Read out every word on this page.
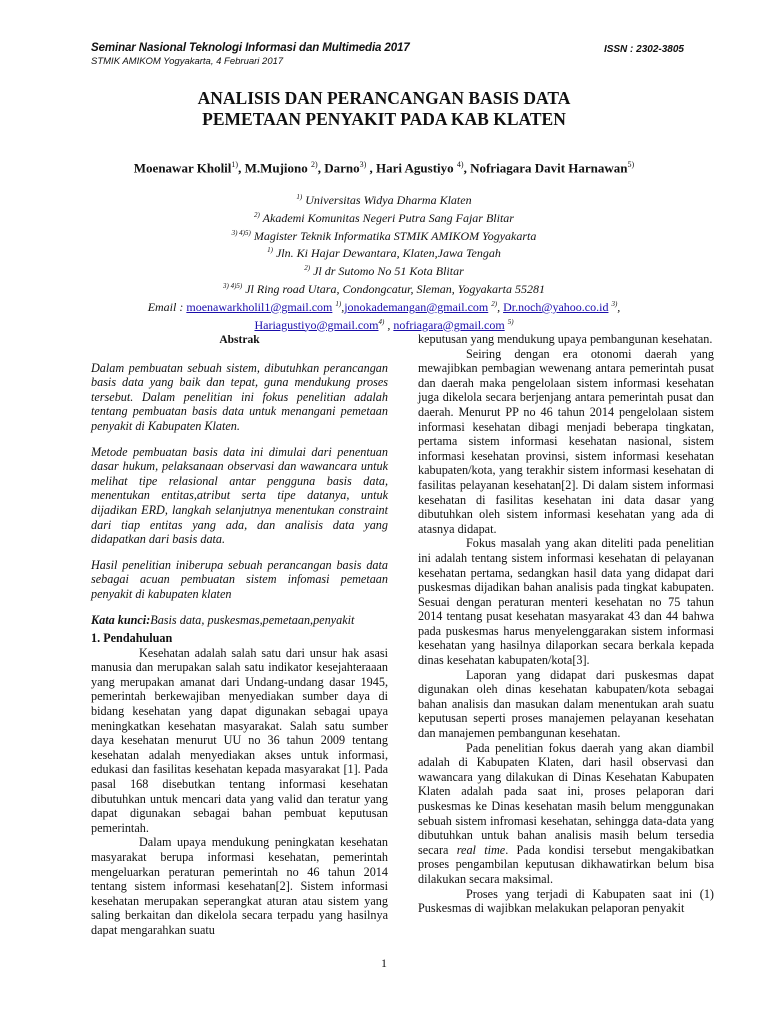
Seminar Nasional Teknologi Informasi dan Multimedia 2017
STMIK AMIKOM Yogyakarta, 4 Februari 2017
ISSN : 2302-3805
ANALISIS DAN PERANCANGAN BASIS DATA
PEMETAAN PENYAKIT PADA KAB KLATEN
Moenawar Kholil$^{1)}$, M.Mujiono $^{2)}$, Darno$^{3)}$ , Hari Agustiyo $^{4)}$, Nofriagara Davit Harnawan$^{5)}$
$^{1)}$ Universitas Widya Dharma Klaten
$^{2)}$ Akademi Komunitas Negeri Putra Sang Fajar Blitar
$^{3) 4)5)}$ Magister Teknik Informatika STMIK AMIKOM Yogyakarta
$^{1)}$ Jln. Ki Hajar Dewantara, Klaten,Jawa Tengah
$^{2)}$ Jl dr Sutomo No 51 Kota Blitar
$^{3) 4)5)}$ Jl Ring road Utara, Condongcatur, Sleman, Yogyakarta 55281
Email : moenawarkholil1@gmail.com $^{1)}$,jonokademangan@gmail.com $^{2)}$, Dr.noch@yahoo.co.id $^{3)}$,
Hariagustiyo@gmail.com$^{4)}$ , nofriagara@gmail.com $^{5)}$

Abstrak

Dalam pembuatan sebuah sistem, dibutuhkan perancangan basis data yang baik dan tepat, guna mendukung proses tersebut. Dalam penelitian ini fokus penelitian adalah tentang pembuatan basis data untuk menangani pemetaan penyakit di Kabupaten Klaten.

Metode pembuatan basis data ini dimulai dari penentuan dasar hukum, pelaksanaan observasi dan wawancara untuk melihat tipe relasional antar pengguna basis data, menentukan entitas,atribut serta tipe datanya, untuk dijadikan ERD, langkah selanjutnya menentukan constraint dari tiap entitas yang ada, dan analisis data yang didapatkan dari basis data.

Hasil penelitian iniberupa sebuah perancangan basis data sebagai acuan pembuatan sistem infomasi pemetaan penyakit di kabupaten klaten

Kata kunci:Basis data, puskesmas,pemetaan,penyakit

1. Pendahuluan

Kesehatan adalah salah satu dari unsur hak asasi manusia dan merupakan salah satu indikator kesejahteraaan yang merupakan amanat dari Undang-undang dasar 1945, pemerintah berkewajiban menyediakan sumber daya di bidang kesehatan yang dapat digunakan sebagai upaya meningkatkan kesehatan masyarakat. Salah satu sumber daya kesehatan menurut UU no 36 tahun 2009 tentang kesehatan adalah menyediakan akses untuk informasi, edukasi dan fasilitas kesehatan kepada masyarakat [1]. Pada pasal 168 disebutkan tentang informasi kesehatan dibutuhkan untuk mencari data yang valid dan teratur yang dapat digunakan sebagai bahan pembuat keputusan pemerintah.

Dalam upaya mendukung peningkatan kesehatan masyarakat berupa informasi kesehatan, pemerintah mengeluarkan peraturan pemerintah no 46 tahun 2014 tentang sistem informasi kesehatan[2]. Sistem informasi kesehatan merupakan seperangkat aturan atau sistem yang saling berkaitan dan dikelola secara terpadu yang hasilnya dapat mengarahkan suatu

keputusan yang mendukung upaya pembangunan kesehatan.

Seiring dengan era otonomi daerah yang mewajibkan pembagian wewenang antara pemerintah pusat dan daerah maka pengelolaan sistem informasi kesehatan juga dikelola secara berjenjang antara pemerintah pusat dan daerah. Menurut PP no 46 tahun 2014 pengelolaan sistem informasi kesehatan dibagi menjadi beberapa tingkatan, pertama sistem informasi kesehatan nasional, sistem informasi kesehatan provinsi, sistem informasi kesehatan kabupaten/kota, yang terakhir sistem informasi kesehatan di fasilitas pelayanan kesehatan[2]. Di dalam sistem informasi kesehatan di fasilitas kesehatan ini data dasar yang dibutuhkan oleh sistem informasi kesehatan yang ada di atasnya didapat.

Fokus masalah yang akan diteliti pada penelitian ini adalah tentang sistem informasi kesehatan di pelayanan kesehatan pertama, sedangkan hasil data yang didapat dari puskesmas dijadikan bahan analisis pada tingkat kabupaten. Sesuai dengan peraturan menteri kesehatan no 75 tahun 2014 tentang pusat kesehatan masyarakat 43 dan 44 bahwa pada puskesmas harus menyelenggarakan sistem informasi kesehatan yang hasilnya dilaporkan secara berkala kepada dinas kesehatan kabupaten/kota[3].

Laporan yang didapat dari puskesmas dapat digunakan oleh dinas kesehatan kabupaten/kota sebagai bahan analisis dan masukan dalam menentukan arah suatu keputusan seperti proses manajemen pelayanan kesehatan dan manajemen pembangunan kesehatan.

Pada penelitian fokus daerah yang akan diambil adalah di Kabupaten Klaten, dari hasil observasi dan wawancara yang dilakukan di Dinas Kesehatan Kabupaten Klaten adalah pada saat ini, proses pelaporan dari puskesmas ke Dinas kesehatan masih belum menggunakan sebuah sistem infromasi kesehatan, sehingga data-data yang dibutuhkan untuk bahan analisis masih belum tersedia secara real time. Pada kondisi tersebut mengakibatkan proses pengambilan keputusan dikhawatirkan belum bisa dilakukan secara maksimal.

Proses yang terjadi di Kabupaten saat ini (1) Puskesmas di wajibkan melakukan pelaporan penyakit

1
